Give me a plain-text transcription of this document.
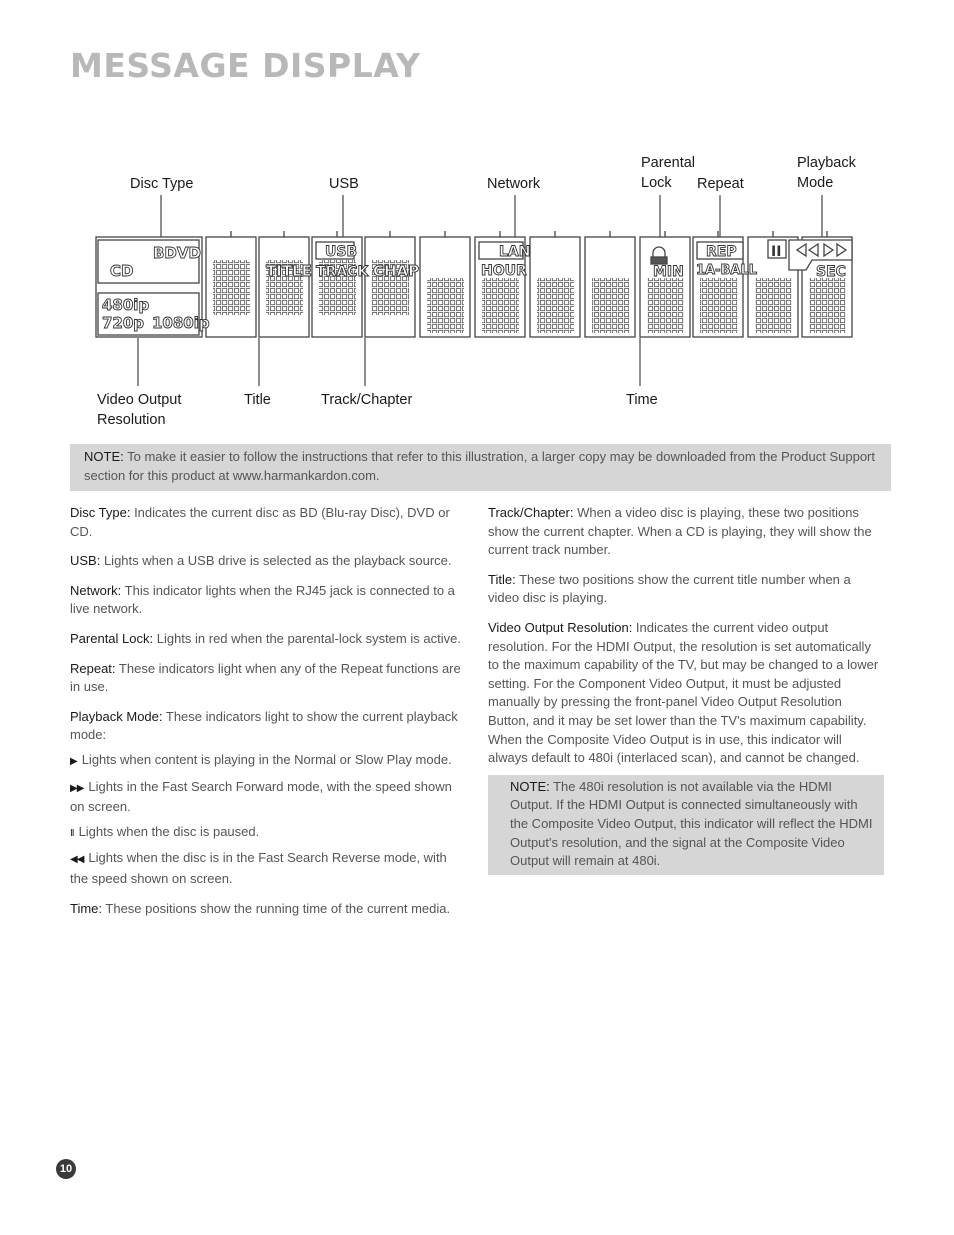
MESSAGE DISPLAY

Disc Type	USB	Network

Parental
Lock	Repeat

Playback
Mode
Video Output
Resolution

Title	Track/Chapter	Time

BDVD
CD
480ip
720p 1080ip
TITLE
USB
TRACK CHAP
LAN
HOUR	MIN
REP
1A-BALL	SEC
II
NOTE: To make it easier to follow the instructions that refer to this illustration, a larger copy may be downloaded from the Product Support section for this product at www.harmankardon.com.

Disc Type: Indicates the current disc as BD (Blu-ray Disc), DVD or CD.

USB: Lights when a USB drive is selected as the playback source.

Network: This indicator lights when the RJ45 jack is connected to a live network.

Parental Lock: Lights in red when the parental-lock system is active.

Repeat: These indicators light when any of the Repeat functions are in use.

Playback Mode: These indicators light to show the current playback mode:

▶ Lights when content is playing in the Normal or Slow Play mode.

▶▶ Lights in the Fast Search Forward mode, with the speed shown on screen.

II Lights when the disc is paused.

◀◀ Lights when the disc is in the Fast Search Reverse mode, with the speed shown on screen.

Time: These positions show the running time of the current media.

Track/Chapter: When a video disc is playing, these two positions show the current chapter. When a CD is playing, they will show the current track number.

Title: These two positions show the current title number when a video disc is playing.

Video Output Resolution: Indicates the current video output resolution. For the HDMI Output, the resolution is set automatically to the maximum capability of the TV, but may be changed to a lower setting. For the Component Video Output, it must be adjusted manually by pressing the front-panel Video Output Resolution Button, and it may be set lower than the TV's maximum capability. When the Composite Video Output is in use, this indicator will always default to 480i (interlaced scan), and cannot be changed.

NOTE: The 480i resolution is not available via the HDMI Output. If the HDMI Output is connected simultaneously with the Composite Video Output, this indicator will reflect the HDMI Output's resolution, and the signal at the Composite Video Output will remain at 480i.

10
